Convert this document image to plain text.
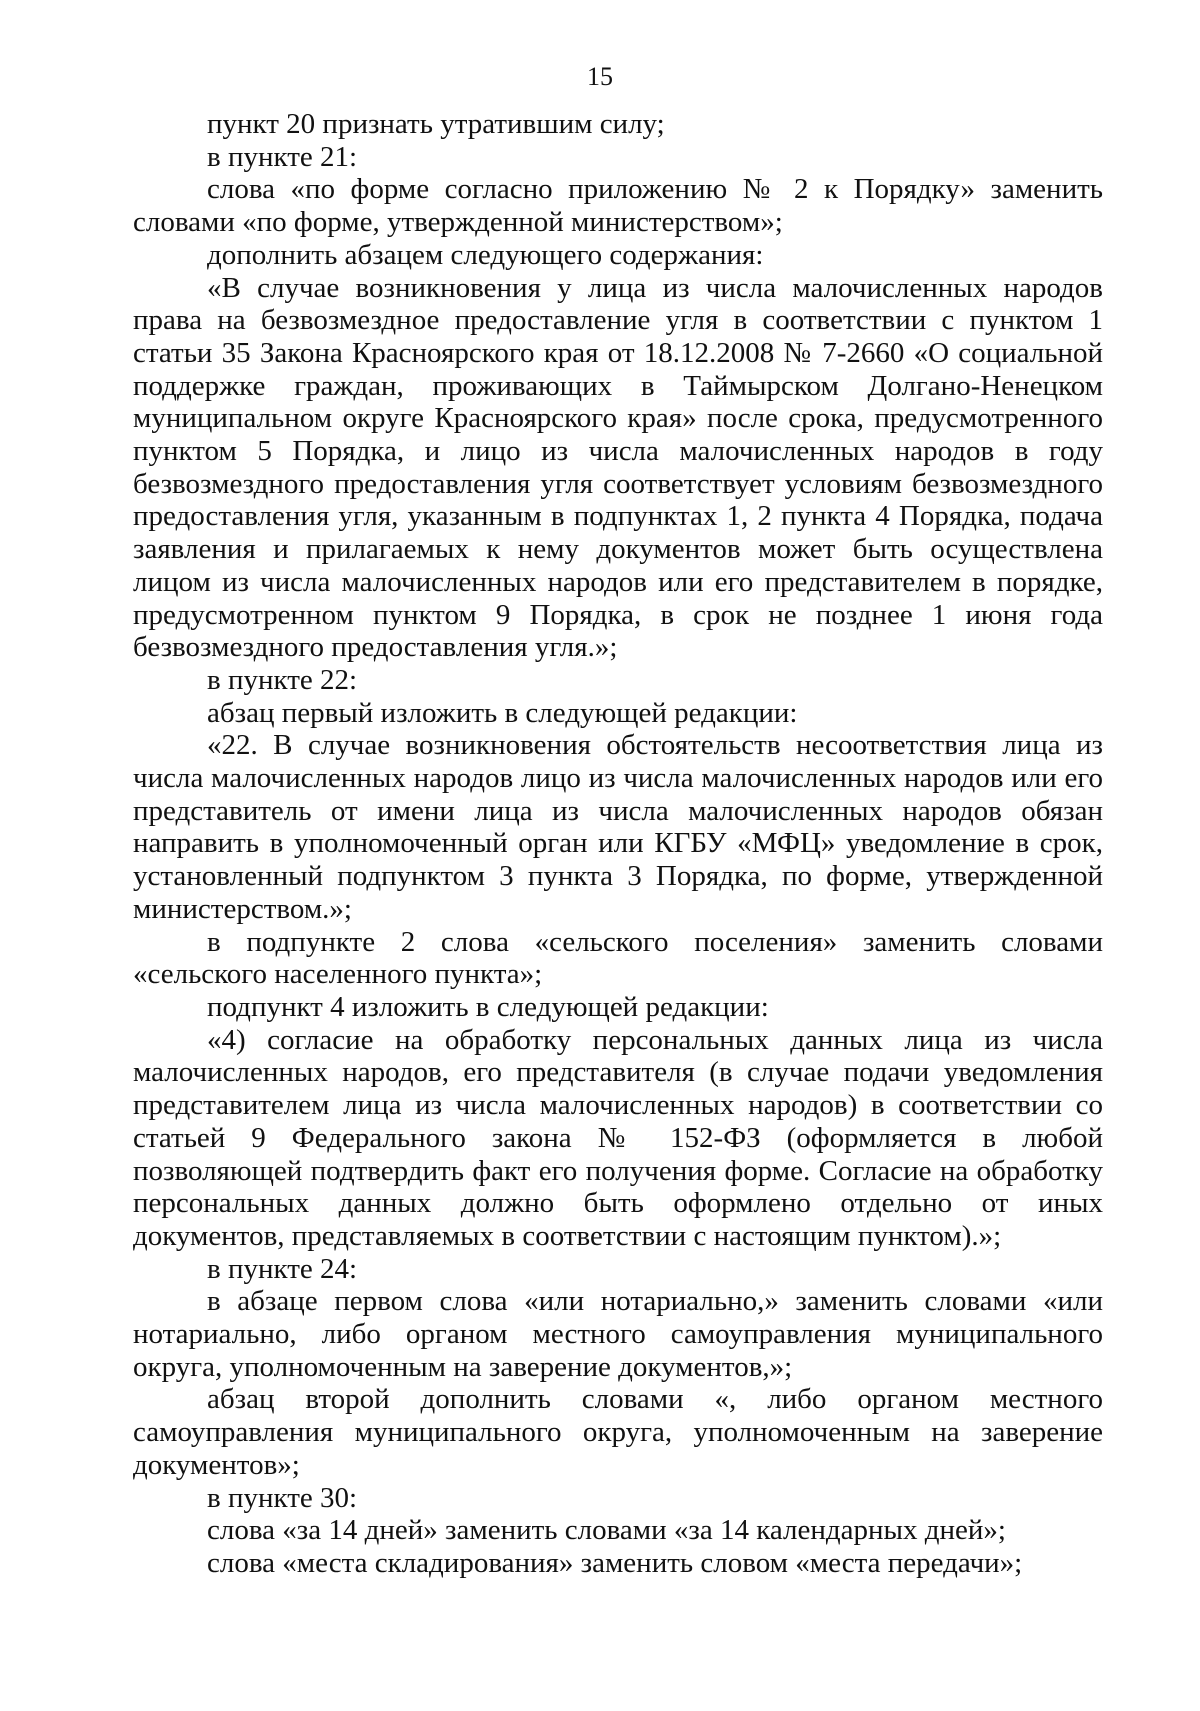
15

пункт 20 признать утратившим силу;

в пункте 21:

слова «по форме согласно приложению № 2 к Порядку» заменить словами «по форме, утвержденной министерством»;

дополнить абзацем следующего содержания:

«В случае возникновения у лица из числа малочисленных народов права на безвозмездное предоставление угля в соответствии с пунктом 1 статьи 35 Закона Красноярского края от 18.12.2008 № 7-2660 «О социальной поддержке граждан, проживающих в Таймырском Долгано-Ненецком муниципальном округе Красноярского края» после срока, предусмотренного пунктом 5 Порядка, и лицо из числа малочисленных народов в году безвозмездного предоставления угля соответствует условиям безвозмездного предоставления угля, указанным в подпунктах 1, 2 пункта 4 Порядка, подача заявления и прилагаемых к нему документов может быть осуществлена лицом из числа малочисленных народов или его представителем в порядке, предусмотренном пунктом 9 Порядка, в срок не позднее 1 июня года безвозмездного предоставления угля.»;

в пункте 22:

абзац первый изложить в следующей редакции:

«22. В случае возникновения обстоятельств несоответствия лица из числа малочисленных народов лицо из числа малочисленных народов или его представитель от имени лица из числа малочисленных народов обязан направить в уполномоченный орган или КГБУ «МФЦ» уведомление в срок, установленный подпунктом 3 пункта 3 Порядка, по форме, утвержденной министерством.»;

в подпункте 2 слова «сельского поселения» заменить словами «сельского населенного пункта»;

подпункт 4 изложить в следующей редакции:

«4) согласие на обработку персональных данных лица из числа малочисленных народов, его представителя (в случае подачи уведомления представителем лица из числа малочисленных народов) в соответствии со статьей 9 Федерального закона № 152-ФЗ (оформляется в любой позволяющей подтвердить факт его получения форме. Согласие на обработку персональных данных должно быть оформлено отдельно от иных документов, представляемых в соответствии с настоящим пунктом).»;

в пункте 24:

в абзаце первом слова «или нотариально,» заменить словами «или нотариально, либо органом местного самоуправления муниципального округа, уполномоченным на заверение документов,»;

абзац второй дополнить словами «, либо органом местного самоуправления муниципального округа, уполномоченным на заверение документов»;

в пункте 30:

слова «за 14 дней» заменить словами «за 14 календарных дней»;

слова «места складирования» заменить словом «места передачи»;
